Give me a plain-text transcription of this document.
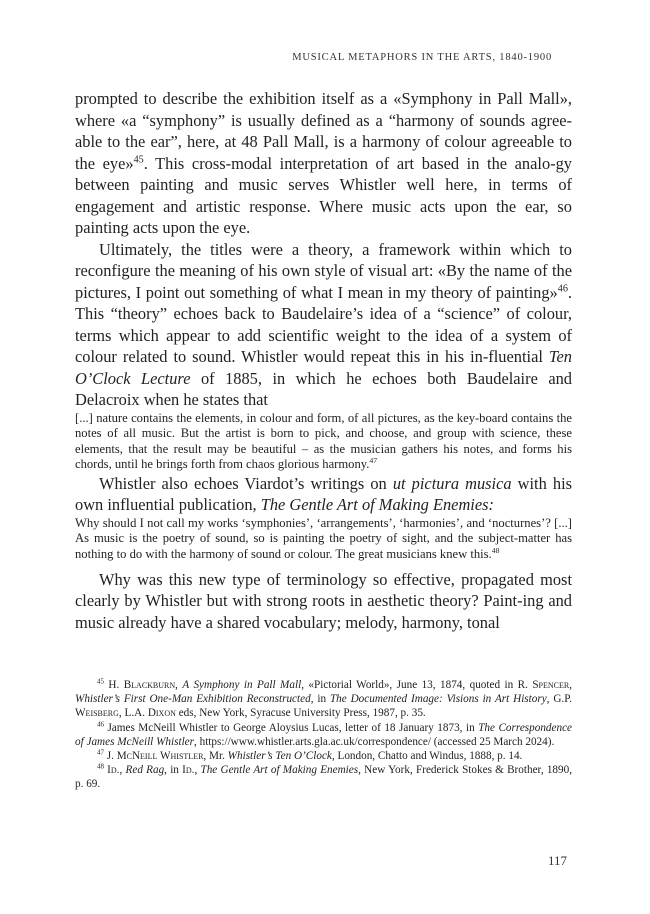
MUSICAL METAPHORS IN THE ARTS, 1840-1900

prompted to describe the exhibition itself as a «Symphony in Pall Mall», where «a “symphony” is usually defined as a “harmony of sounds agree-able to the ear”, here, at 48 Pall Mall, is a harmony of colour agreeable to the eye»$^{45}$. This cross-modal interpretation of art based in the analo-gy between painting and music serves Whistler well here, in terms of engagement and artistic response. Where music acts upon the ear, so painting acts upon the eye.

Ultimately, the titles were a theory, a framework within which to reconfigure the meaning of his own style of visual art: «By the name of the pictures, I point out something of what I mean in my theory of painting»$^{46}$. This “theory” echoes back to Baudelaire’s idea of a “science” of colour, terms which appear to add scientific weight to the idea of a system of colour related to sound. Whistler would repeat this in his in-fluential Ten O’Clock Lecture of 1885, in which he echoes both Baudelaire and Delacroix when he states that

[...] nature contains the elements, in colour and form, of all pictures, as the key-board contains the notes of all music. But the artist is born to pick, and choose, and group with science, these elements, that the result may be beautiful – as the musician gathers his notes, and forms his chords, until he brings forth from chaos glorious harmony.$^{47}$

Whistler also echoes Viardot’s writings on ut pictura musica with his own influential publication, The Gentle Art of Making Enemies:

Why should I not call my works ‘symphonies’, ‘arrangements’, ‘harmonies’, and ‘nocturnes’? [...] As music is the poetry of sound, so is painting the poetry of sight, and the subject-matter has nothing to do with the harmony of sound or colour. The great musicians knew this.$^{48}$

Why was this new type of terminology so effective, propagated most clearly by Whistler but with strong roots in aesthetic theory? Paint-ing and music already have a shared vocabulary; melody, harmony, tonal

$^{45}$ H. Blackburn, A Symphony in Pall Mall, «Pictorial World», June 13, 1874, quoted in R. Spencer, Whistler’s First One-Man Exhibition Reconstructed, in The Documented Image: Visions in Art History, G.P. Weisberg, L.A. Dixon eds, New York, Syracuse University Press, 1987, p. 35.

$^{46}$ James McNeill Whistler to George Aloysius Lucas, letter of 18 January 1873, in The Correspondence of James McNeill Whistler, https://www.whistler.arts.gla.ac.uk/correspondence/ (accessed 25 March 2024).

$^{47}$ J. McNeill Whistler, Mr. Whistler’s Ten O’Clock, London, Chatto and Windus, 1888, p. 14.

$^{48}$ Id., Red Rag, in Id., The Gentle Art of Making Enemies, New York, Frederick Stokes & Brother, 1890, p. 69.

117
